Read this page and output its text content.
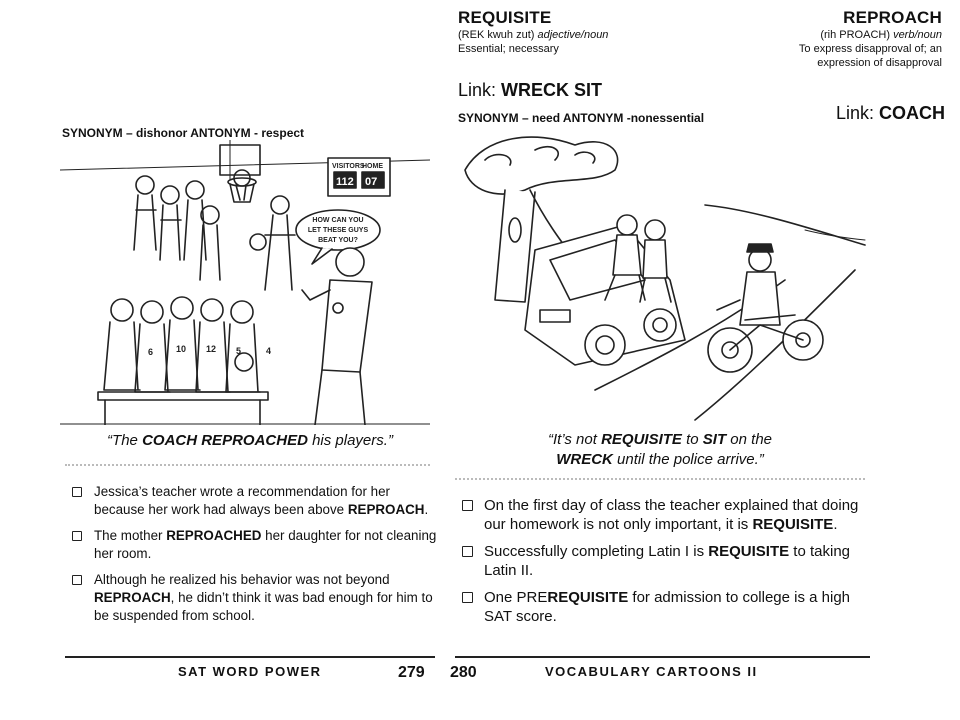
REPROACH
(rih PROACH) verb/noun
To express disapproval of; an
expression of disapproval
Link: COACH
SYNONYM – dishonor ANTONYM - respect
VISITORS
HOME
112 07
HOW CAN YOU
LET THESE GUYS
BEAT YOU?
6	10 12 5	4
“The COACH REPROACHED his players.”
Jessica’s teacher wrote a recommendation for her because her work had always been above REPROACH.
The mother REPROACHED her daughter for not cleaning her room.
Although he realized his behavior was not beyond REPROACH, he didn’t think it was bad enough for him to be suspended from school.
SAT WORD POWER	279
REQUISITE
(REK kwuh zut) adjective/noun
Essential; necessary
Link: WRECK SIT
SYNONYM – need ANTONYM -nonessential
“It’s not REQUISITE to SIT on the
WRECK until the police arrive.”
On the first day of class the teacher explained that doing our homework is not only important, it is REQUISITE.
Successfully completing Latin I is REQUISITE to taking Latin II.
One PREREQUISITE for admission to college is a high SAT score.
280	VOCABULARY CARTOONS II
